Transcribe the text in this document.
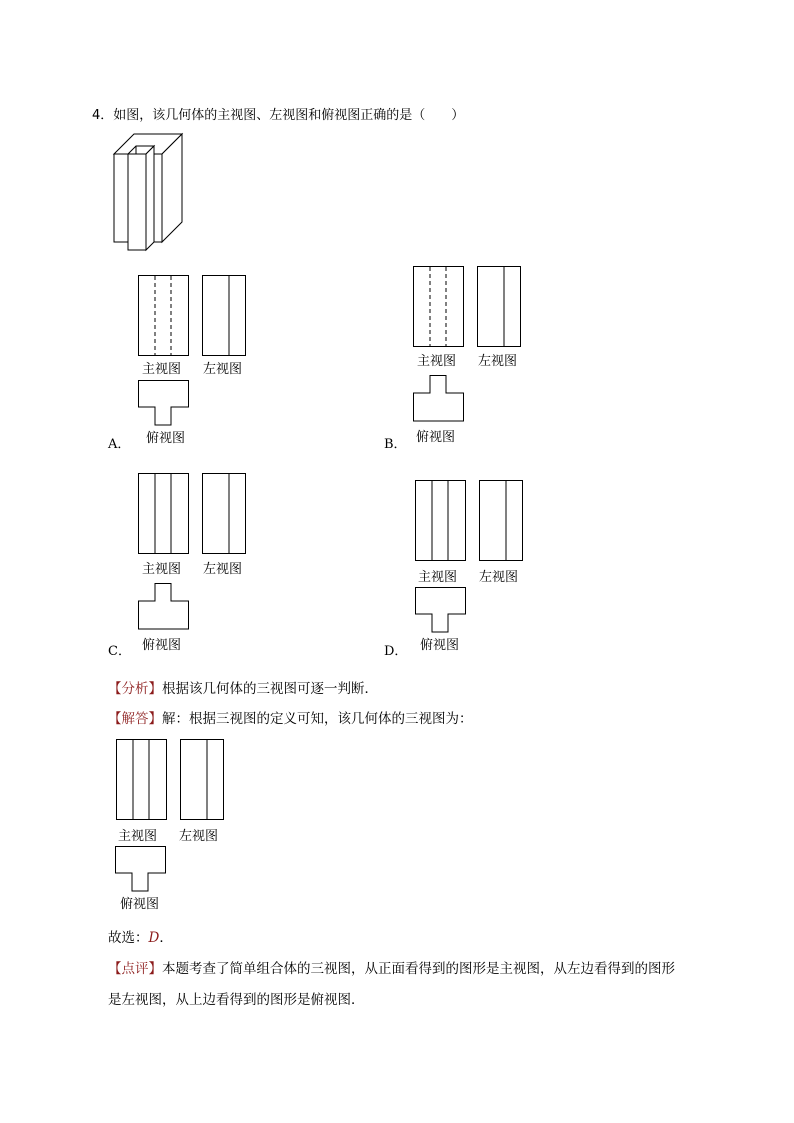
4．如图，该几何体的主视图、左视图和俯视图正确的是（　　）
主视图 左视图
A． 俯视图
主视图 左视图
B． 俯视图
主视图 左视图
C． 俯视图
主视图 左视图
D． 俯视图
【分析】根据该几何体的三视图可逐一判断．
【解答】解：根据三视图的定义可知，该几何体的三视图为：
主视图 左视图
俯视图
故选：D．
【点评】本题考查了简单组合体的三视图，从正面看得到的图形是主视图，从左边看得到的图形
是左视图，从上边看得到的图形是俯视图．
